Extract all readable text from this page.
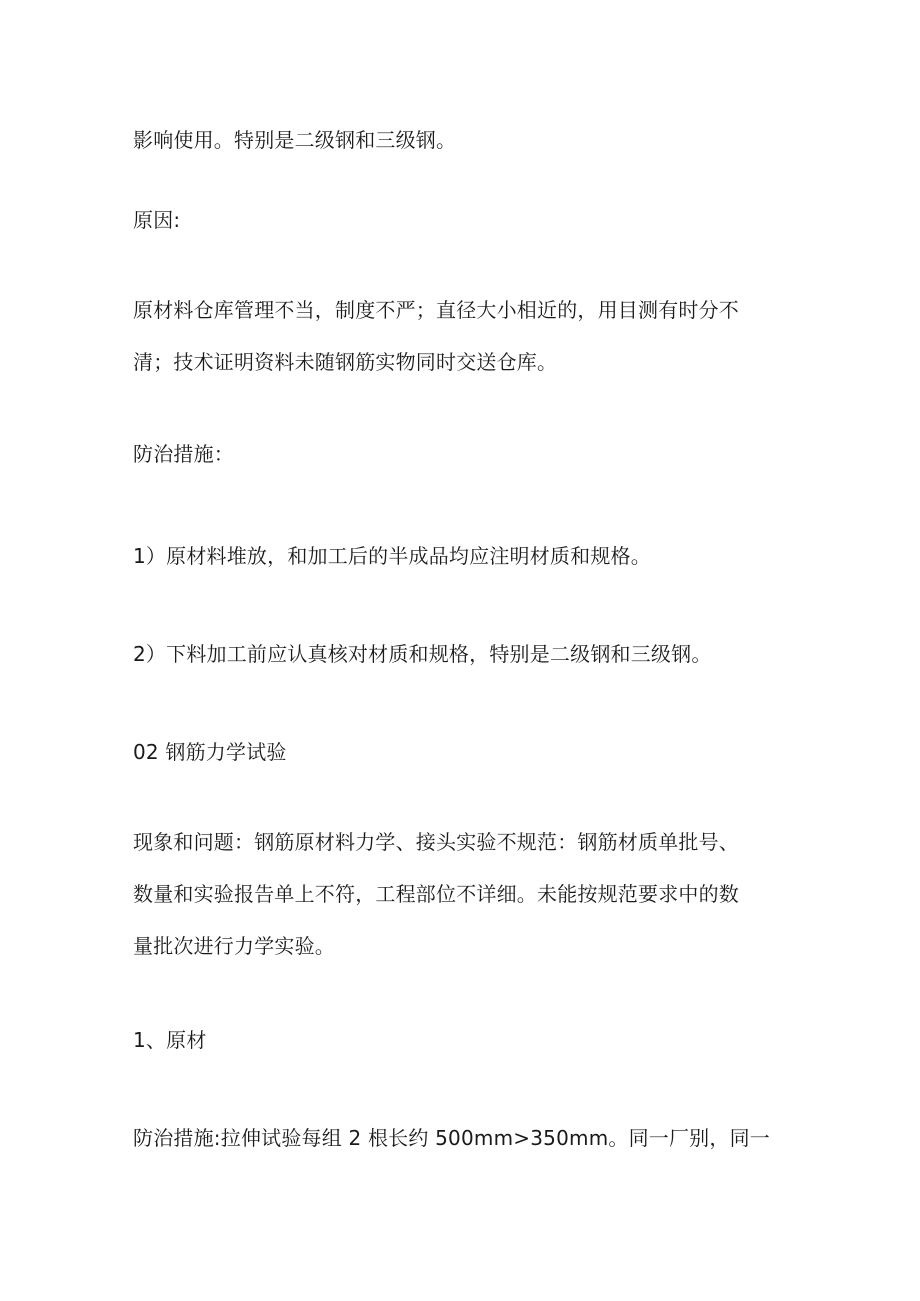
影响使用。特别是二级钢和三级钢。

原因:

原材料仓库管理不当，制度不严；直径大小相近的，用目测有时分不
清；技术证明资料未随钢筋实物同时交送仓库。

防治措施：

1）原材料堆放，和加工后的半成品均应注明材质和规格。

2）下料加工前应认真核对材质和规格，特别是二级钢和三级钢。

02 钢筋力学试验

现象和问题：钢筋原材料力学、接头实验不规范：钢筋材质单批号、
数量和实验报告单上不符，工程部位不详细。未能按规范要求中的数
量批次进行力学实验。

1、原材

防治措施:拉伸试验每组 2 根长约 500mm>350mm。同一厂别，同一
